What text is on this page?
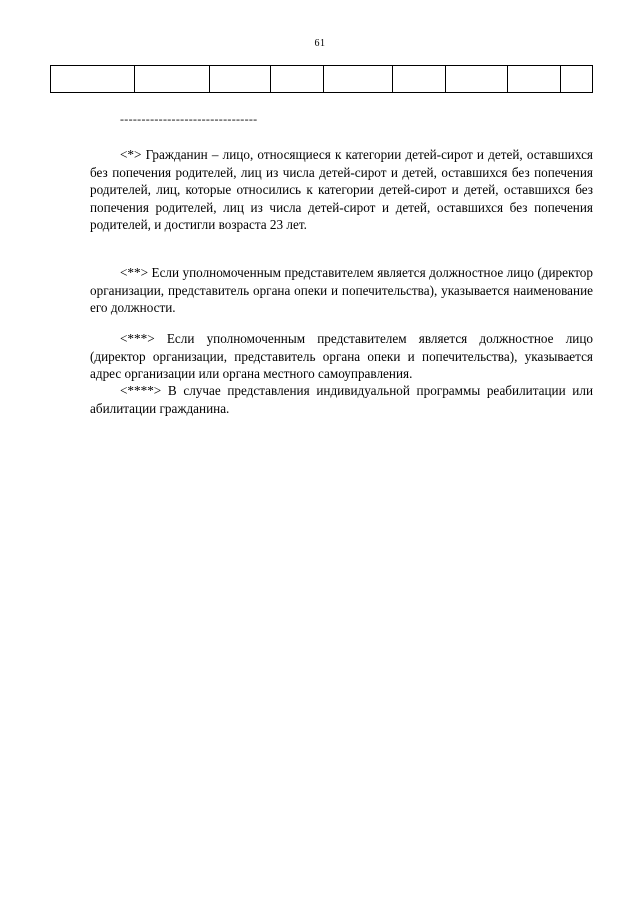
61

--------------------------------

<*> Гражданин – лицо, относящиеся к категории детей-сирот и детей, оставшихся без попечения родителей, лиц из числа детей-сирот и детей, оставшихся без попечения родителей, лиц, которые относились к категории детей-сирот и детей, оставшихся без попечения родителей, лиц из числа детей-сирот и детей, оставшихся без попечения родителей, и достигли возраста 23 лет.

<**> Если уполномоченным представителем является должностное лицо (директор организации, представитель органа опеки и попечительства), указывается наименование его должности.

<***> Если уполномоченным представителем является должностное лицо (директор организации, представитель органа опеки и попечительства), указывается адрес организации или органа местного самоуправления.

<****> В случае представления индивидуальной программы реабилитации или абилитации гражданина.
